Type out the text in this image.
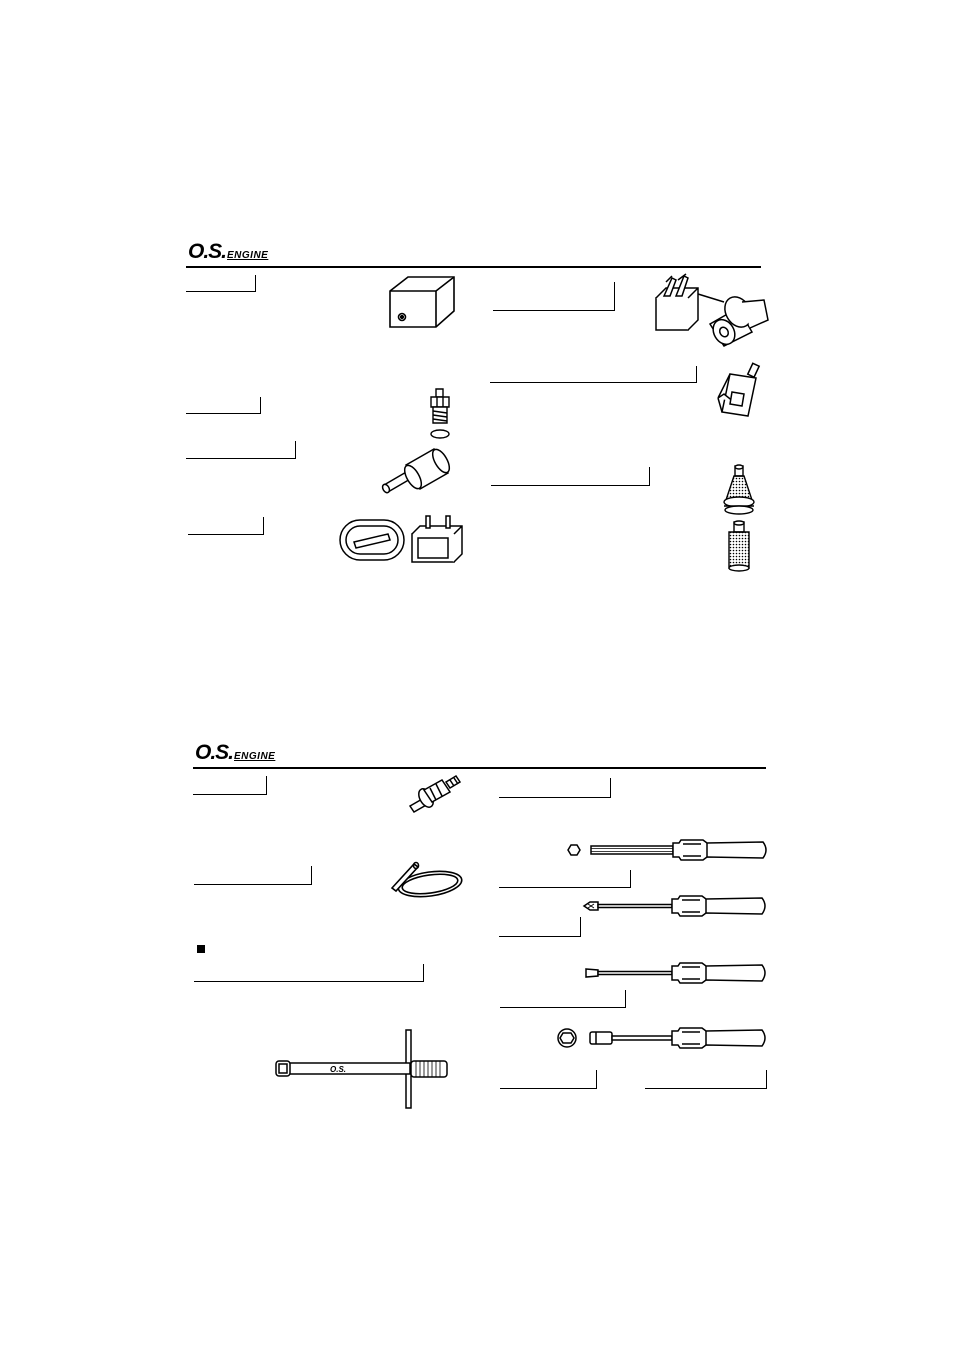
O.S. ENGINE
O.S. ENGINE
O.S.
